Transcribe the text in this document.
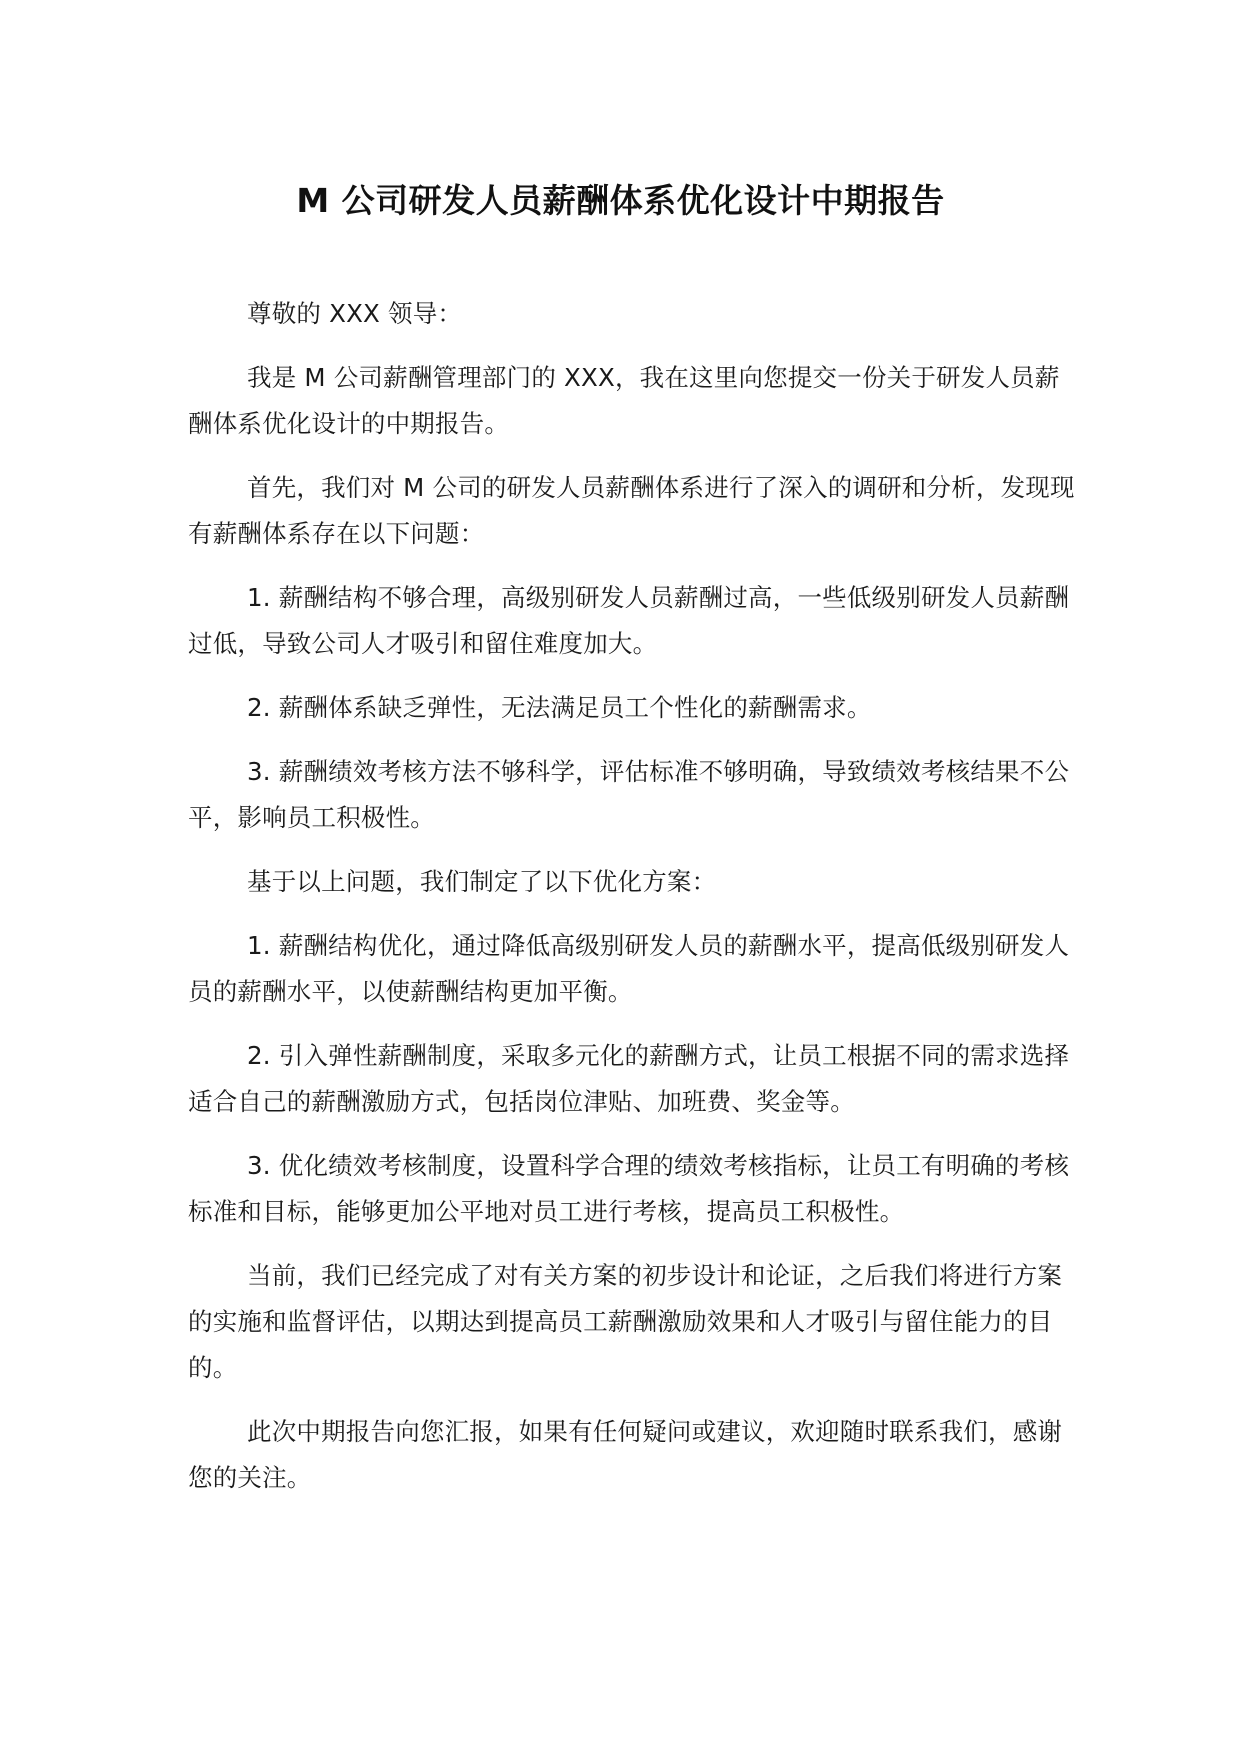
M 公司研发人员薪酬体系优化设计中期报告

尊敬的 XXX 领导：

我是 M 公司薪酬管理部门的 XXX，我在这里向您提交一份关于研发人员薪酬体系优化设计的中期报告。

首先，我们对 M 公司的研发人员薪酬体系进行了深入的调研和分析，发现现有薪酬体系存在以下问题：

1. 薪酬结构不够合理，高级别研发人员薪酬过高，一些低级别研发人员薪酬过低，导致公司人才吸引和留住难度加大。

2. 薪酬体系缺乏弹性，无法满足员工个性化的薪酬需求。

3. 薪酬绩效考核方法不够科学，评估标准不够明确，导致绩效考核结果不公平，影响员工积极性。

基于以上问题，我们制定了以下优化方案：

1. 薪酬结构优化，通过降低高级别研发人员的薪酬水平，提高低级别研发人员的薪酬水平，以使薪酬结构更加平衡。

2. 引入弹性薪酬制度，采取多元化的薪酬方式，让员工根据不同的需求选择适合自己的薪酬激励方式，包括岗位津贴、加班费、奖金等。

3. 优化绩效考核制度，设置科学合理的绩效考核指标，让员工有明确的考核标准和目标，能够更加公平地对员工进行考核，提高员工积极性。

当前，我们已经完成了对有关方案的初步设计和论证，之后我们将进行方案的实施和监督评估，以期达到提高员工薪酬激励效果和人才吸引与留住能力的目的。

此次中期报告向您汇报，如果有任何疑问或建议，欢迎随时联系我们，感谢您的关注。
